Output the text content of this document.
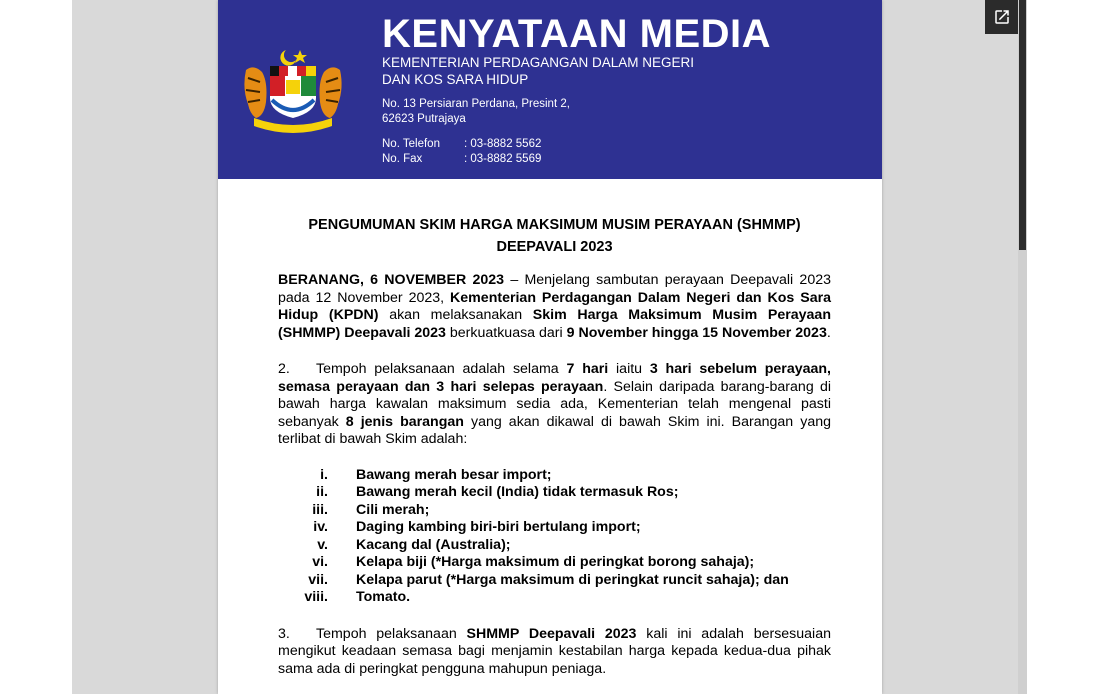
KENYATAAN MEDIA
KEMENTERIAN PERDAGANGAN DALAM NEGERI
DAN KOS SARA HIDUP
No. 13 Persiaran Perdana, Presint 2,
62623 Putrajaya
No. Telefon	: 03-8882 5562
No. Fax	: 03-8882 5569
PENGUMUMAN SKIM HARGA MAKSIMUM MUSIM PERAYAAN (SHMMP)
DEEPAVALI 2023

BERANANG, 6 NOVEMBER 2023 – Menjelang sambutan perayaan Deepavali 2023 pada 12 November 2023, Kementerian Perdagangan Dalam Negeri dan Kos Sara Hidup (KPDN) akan melaksanakan Skim Harga Maksimum Musim Perayaan (SHMMP) Deepavali 2023 berkuatkuasa dari 9 November hingga 15 November 2023.

2. Tempoh pelaksanaan adalah selama 7 hari iaitu 3 hari sebelum perayaan, semasa perayaan dan 3 hari selepas perayaan. Selain daripada barang-barang di bawah harga kawalan maksimum sedia ada, Kementerian telah mengenal pasti sebanyak 8 jenis barangan yang akan dikawal di bawah Skim ini. Barangan yang terlibat di bawah Skim adalah:

i.	Bawang merah besar import;
ii.	Bawang merah kecil (India) tidak termasuk Ros;
iii.	Cili merah;
iv.	Daging kambing biri-biri bertulang import;
v.	Kacang dal (Australia);
vi.	Kelapa biji (*Harga maksimum di peringkat borong sahaja);
vii.	Kelapa parut (*Harga maksimum di peringkat runcit sahaja); dan
viii.	Tomato.

3. Tempoh pelaksanaan SHMMP Deepavali 2023 kali ini adalah bersesuaian mengikut keadaan semasa bagi menjamin kestabilan harga kepada kedua-dua pihak sama ada di peringkat pengguna mahupun peniaga.
